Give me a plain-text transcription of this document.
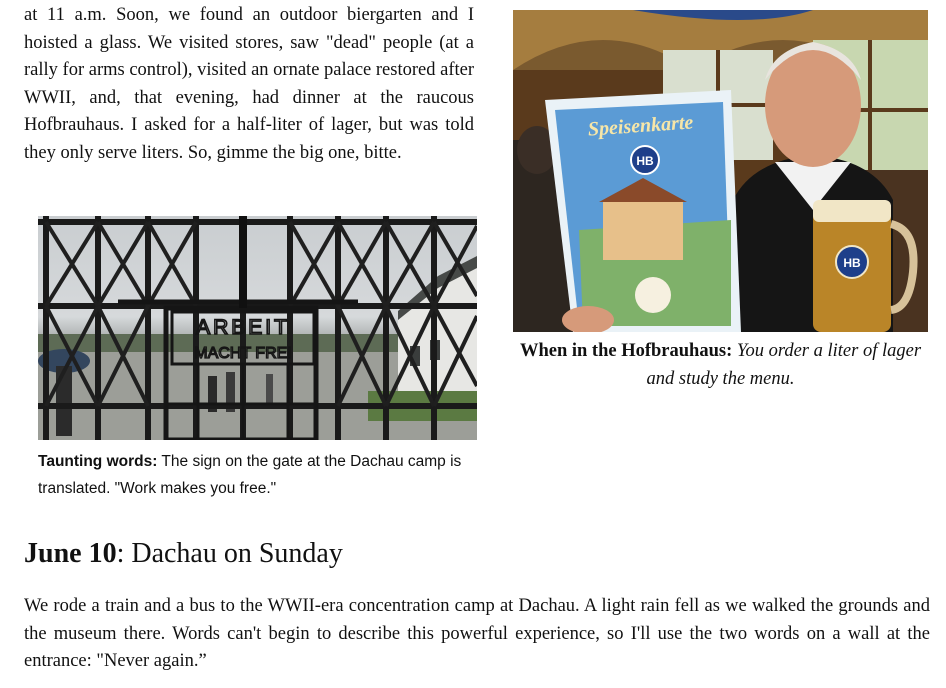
at 11 a.m. Soon, we found an outdoor biergarten and I hoisted a glass. We visited stores, saw "dead" people (at a rally for arms control), visited an ornate palace restored after WWII, and, that evening, had dinner at the raucous Hofbrauhaus. I asked for a half-liter of lager, but was told they only serve liters. So, gimme the big one, bitte.

ARBEIT
MACHT FREI

Taunting words: The sign on the gate at the Dachau camp is translated. "Work makes you free."

Speisenkarte
HB
HB

When in the Hofbrauhaus: You order a liter of lager and study the menu.

June 10: Dachau on Sunday

We rode a train and a bus to the WWII-era concentration camp at Dachau. A light rain fell as we walked the grounds and the museum there. Words can't begin to describe this powerful experience, so I'll use the two words on a wall at the entrance: "Never again.”
